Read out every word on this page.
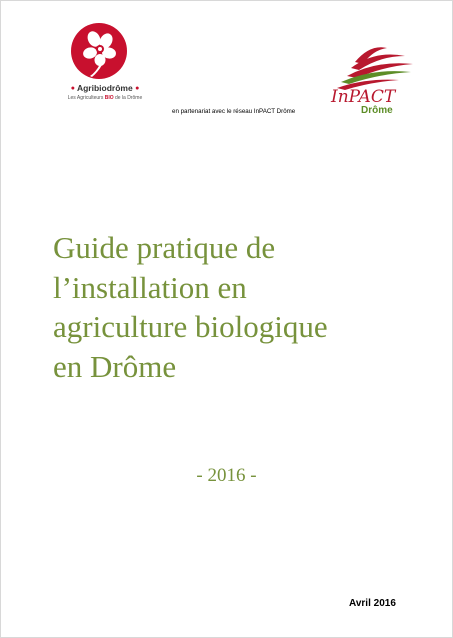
● Agribiodrôme ●
Les Agriculteurs BIO de la Drôme	InPACT
Drôme
en partenariat avec le réseau InPACT Drôme
Guide pratique de
l’installation en
agriculture biologique
en Drôme
- 2016 -
Avril 2016
